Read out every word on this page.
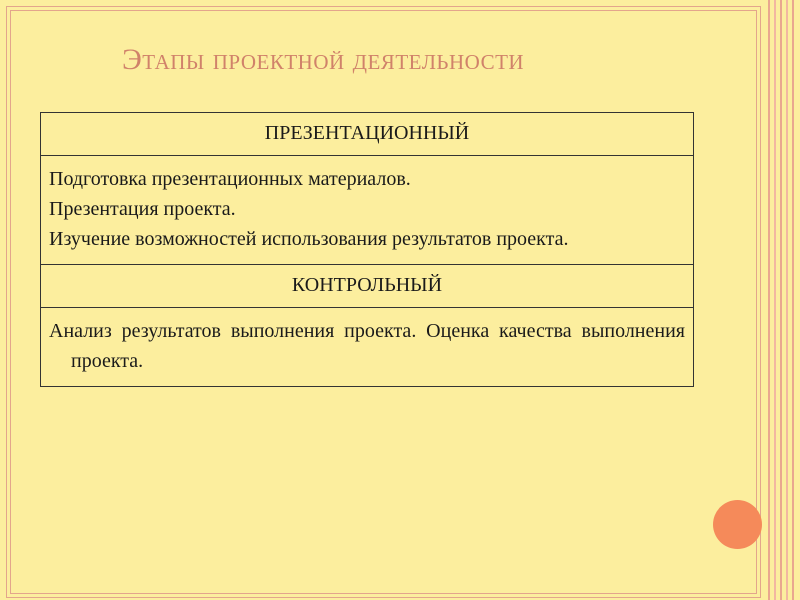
Этапы проектной деятельности
ПРЕЗЕНТАЦИОННЫЙ

Подготовка презентационных материалов.
Презентация проекта.
Изучение возможностей использования результатов проекта.

КОНТРОЛЬНЫЙ

Анализ результатов выполнения проекта. Оценка качества выполнения проекта.
